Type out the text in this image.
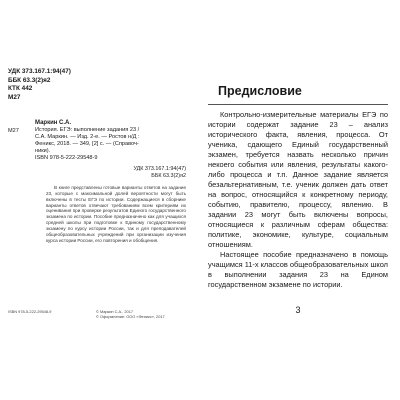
УДК 373.167.1:94(47)
ББК 63.3(2)я2
КТК 442
М27
М27
Маркин С.А.
История. ЕГЭ: выполнение задания 23 /
С.А. Маркин. — Изд. 2-е. — Ростов н/Д :
Феникс, 2018. — 349, [2] с. — (Справоч-
ники).
ISBN 978-5-222-29548-9
УДК 373.167.1:94(47)
ББК 63.3(2)я2
В книге представлены готовые варианты ответов на задание 23, которые с максимальной долей вероятности могут быть включены в тесты ЕГЭ по истории. Содержащиеся в сборнике варианты ответов отвечают требованиям всем критериям их оценивания при проверке результатов Единого государственного экзамена по истории. Пособие предназначено как для учащихся средней школы при подготовке к Единому государственному экзамену по курсу истории России, так и для преподавателей общеобразовательных учреждений при организации изучения курса истории России, его повторения и обобщения.
ISBN 978-5-222-29548-9	© Маркин С.А., 2017
© Оформление: ООО «Феникс», 2017
Предисловие

Контрольно-измерительные материалы ЕГЭ по истории содержат задание 23 – анализ исторического факта, явления, процесса. От ученика, сдающего Единый государственный экзамен, требуется назвать несколько причин некоего события или явления, результаты какого-либо процесса и т.п. Данное задание является безальтернативным, т.е. ученик должен дать ответ на вопрос, относящийся к конкретному периоду, событию, правителю, процессу, явлению. В задании 23 могут быть включены вопросы, относящиеся к различным сферам общества: политике, экономике, культуре, социальным отношениям.

Настоящее пособие предназначено в помощь учащимся 11-х классов общеобразовательных школ в выполнении задания 23 на Едином государственном экзамене по истории.

3
